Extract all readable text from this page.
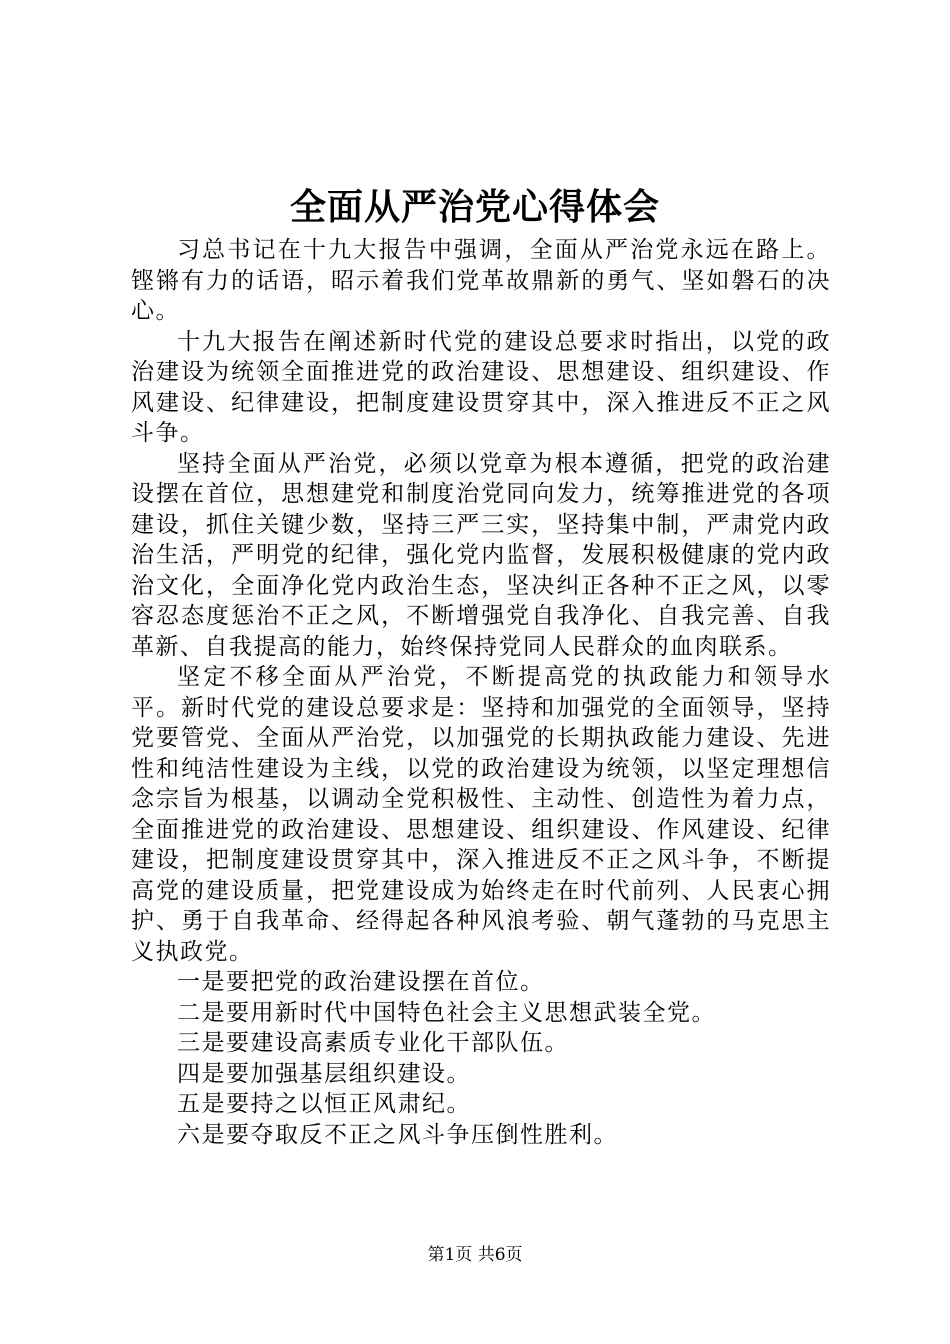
全面从严治党心得体会

习总书记在十九大报告中强调，全面从严治党永远在路上。铿锵有力的话语，昭示着我们党革故鼎新的勇气、坚如磐石的决心。

十九大报告在阐述新时代党的建设总要求时指出，以党的政治建设为统领全面推进党的政治建设、思想建设、组织建设、作风建设、纪律建设，把制度建设贯穿其中，深入推进反不正之风斗争。

坚持全面从严治党，必须以党章为根本遵循，把党的政治建设摆在首位，思想建党和制度治党同向发力，统筹推进党的各项建设，抓住关键少数，坚持三严三实，坚持集中制，严肃党内政治生活，严明党的纪律，强化党内监督，发展积极健康的党内政治文化，全面净化党内政治生态，坚决纠正各种不正之风，以零容忍态度惩治不正之风，不断增强党自我净化、自我完善、自我革新、自我提高的能力，始终保持党同人民群众的血肉联系。

坚定不移全面从严治党，不断提高党的执政能力和领导水平。新时代党的建设总要求是：坚持和加强党的全面领导，坚持党要管党、全面从严治党，以加强党的长期执政能力建设、先进性和纯洁性建设为主线，以党的政治建设为统领，以坚定理想信念宗旨为根基，以调动全党积极性、主动性、创造性为着力点，全面推进党的政治建设、思想建设、组织建设、作风建设、纪律建设，把制度建设贯穿其中，深入推进反不正之风斗争，不断提高党的建设质量，把党建设成为始终走在时代前列、人民衷心拥护、勇于自我革命、经得起各种风浪考验、朝气蓬勃的马克思主义执政党。

一是要把党的政治建设摆在首位。

二是要用新时代中国特色社会主义思想武装全党。

三是要建设高素质专业化干部队伍。

四是要加强基层组织建设。

五是要持之以恒正风肃纪。

六是要夺取反不正之风斗争压倒性胜利。

第1页 共6页
